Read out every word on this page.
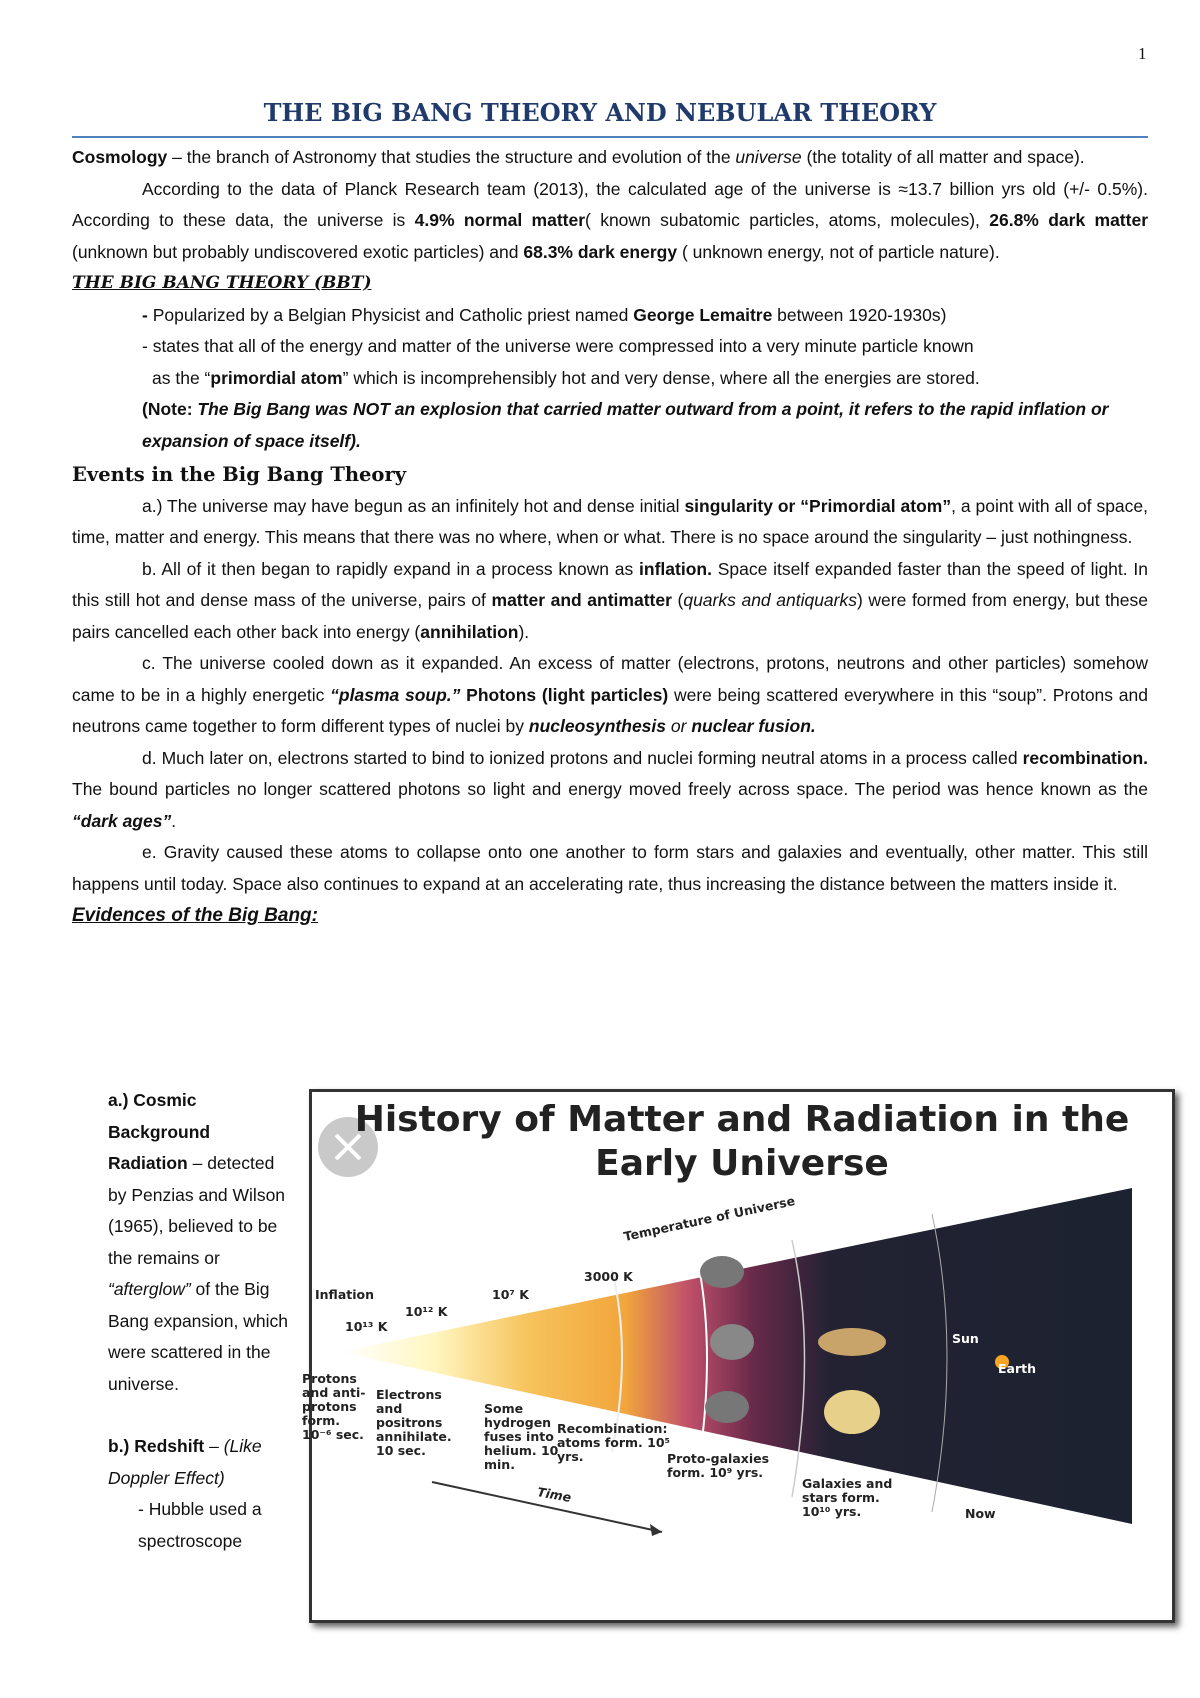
1
THE BIG BANG THEORY AND NEBULAR THEORY

Cosmology – the branch of Astronomy that studies the structure and evolution of the universe (the totality of all matter and space).

According to the data of Planck Research team (2013), the calculated age of the universe is ≈13.7 billion yrs old (+/- 0.5%). According to these data, the universe is 4.9% normal matter( known subatomic particles, atoms, molecules), 26.8% dark matter (unknown but probably undiscovered exotic particles) and 68.3% dark energy ( unknown energy, not of particle nature).

THE BIG BANG THEORY (BBT)

- Popularized by a Belgian Physicist and Catholic priest named George Lemaitre between 1920-1930s)

- states that all of the energy and matter of the universe were compressed into a very minute particle known

as the “primordial atom” which is incomprehensibly hot and very dense, where all the energies are stored.

(Note: The Big Bang was NOT an explosion that carried matter outward from a point, it refers to the rapid inflation or expansion of space itself).

Events in the Big Bang Theory

a.) The universe may have begun as an infinitely hot and dense initial singularity or “Primordial atom”, a point with all of space, time, matter and energy. This means that there was no where, when or what. There is no space around the singularity – just nothingness.

b. All of it then began to rapidly expand in a process known as inflation. Space itself expanded faster than the speed of light. In this still hot and dense mass of the universe, pairs of matter and antimatter (quarks and antiquarks) were formed from energy, but these pairs cancelled each other back into energy (annihilation).

c. The universe cooled down as it expanded. An excess of matter (electrons, protons, neutrons and other particles) somehow came to be in a highly energetic “plasma soup.” Photons (light particles) were being scattered everywhere in this “soup”. Protons and neutrons came together to form different types of nuclei by nucleosynthesis or nuclear fusion.

d. Much later on, electrons started to bind to ionized protons and nuclei forming neutral atoms in a process called recombination. The bound particles no longer scattered photons so light and energy moved freely across space. The period was hence known as the “dark ages”.

e. Gravity caused these atoms to collapse onto one another to form stars and galaxies and eventually, other matter. This still happens until today. Space also continues to expand at an accelerating rate, thus increasing the distance between the matters inside it.

Evidences of the Big Bang:

a.) Cosmic Background Radiation – detected by Penzias and Wilson (1965), believed to be the remains or “afterglow” of the Big Bang expansion, which were scattered in the universe.

b.) Redshift – (Like Doppler Effect)

- Hubble used a spectroscope

History of Matter and Radiation in the Early Universe
Temperature of Universe
3 K
3000 K
10⁷ K
10¹² K
10¹³ K
Inflation
Protons and anti-protons form. 10⁻⁶ sec.
Electrons and positrons annihilate. 10 sec.
Some hydrogen fuses into helium. 10 min.
Recombination: atoms form. 10⁵ yrs.	Proto-galaxies form. 10⁹ yrs.
Galaxies and stars form. 10¹⁰ yrs.
Sun
Earth
Now
Time
